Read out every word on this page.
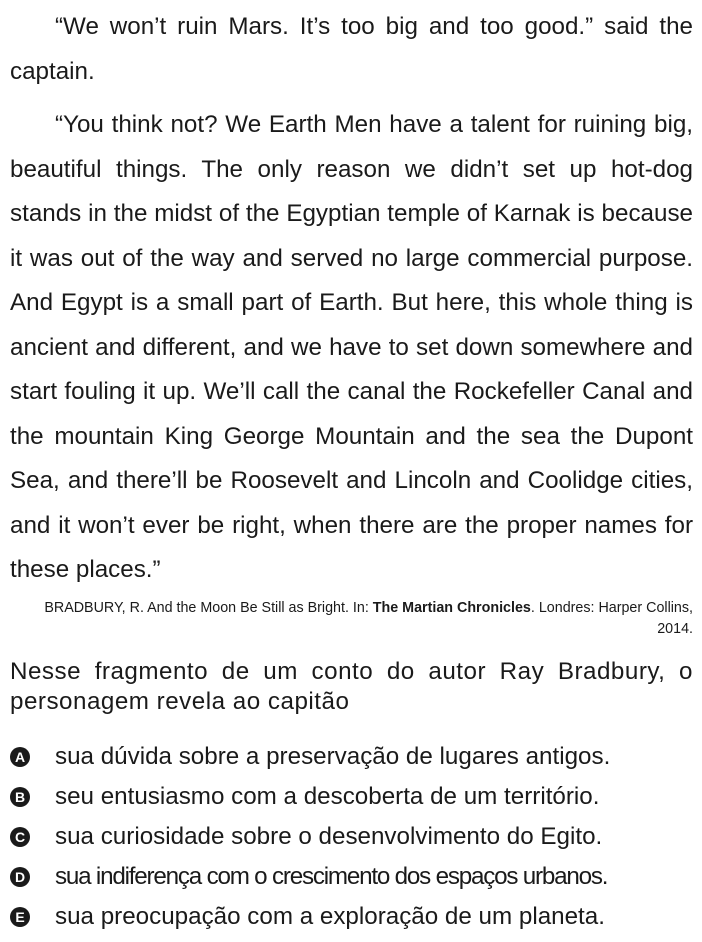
“We won’t ruin Mars. It’s too big and too good.” said the captain.

“You think not? We Earth Men have a talent for ruining big, beautiful things. The only reason we didn’t set up hot-dog stands in the midst of the Egyptian temple of Karnak is because it was out of the way and served no large commercial purpose. And Egypt is a small part of Earth. But here, this whole thing is ancient and different, and we have to set down somewhere and start fouling it up. We’ll call the canal the Rockefeller Canal and the mountain King George Mountain and the sea the Dupont Sea, and there’ll be Roosevelt and Lincoln and Coolidge cities, and it won’t ever be right, when there are the proper names for these places.”

BRADBURY, R. And the Moon Be Still as Bright. In: The Martian Chronicles. Londres: Harper Collins, 2014.

Nesse fragmento de um conto do autor Ray Bradbury, o personagem revela ao capitão

A sua dúvida sobre a preservação de lugares antigos.
B seu entusiasmo com a descoberta de um território.
C sua curiosidade sobre o desenvolvimento do Egito.
D sua indiferença com o crescimento dos espaços urbanos.
E sua preocupação com a exploração de um planeta.
